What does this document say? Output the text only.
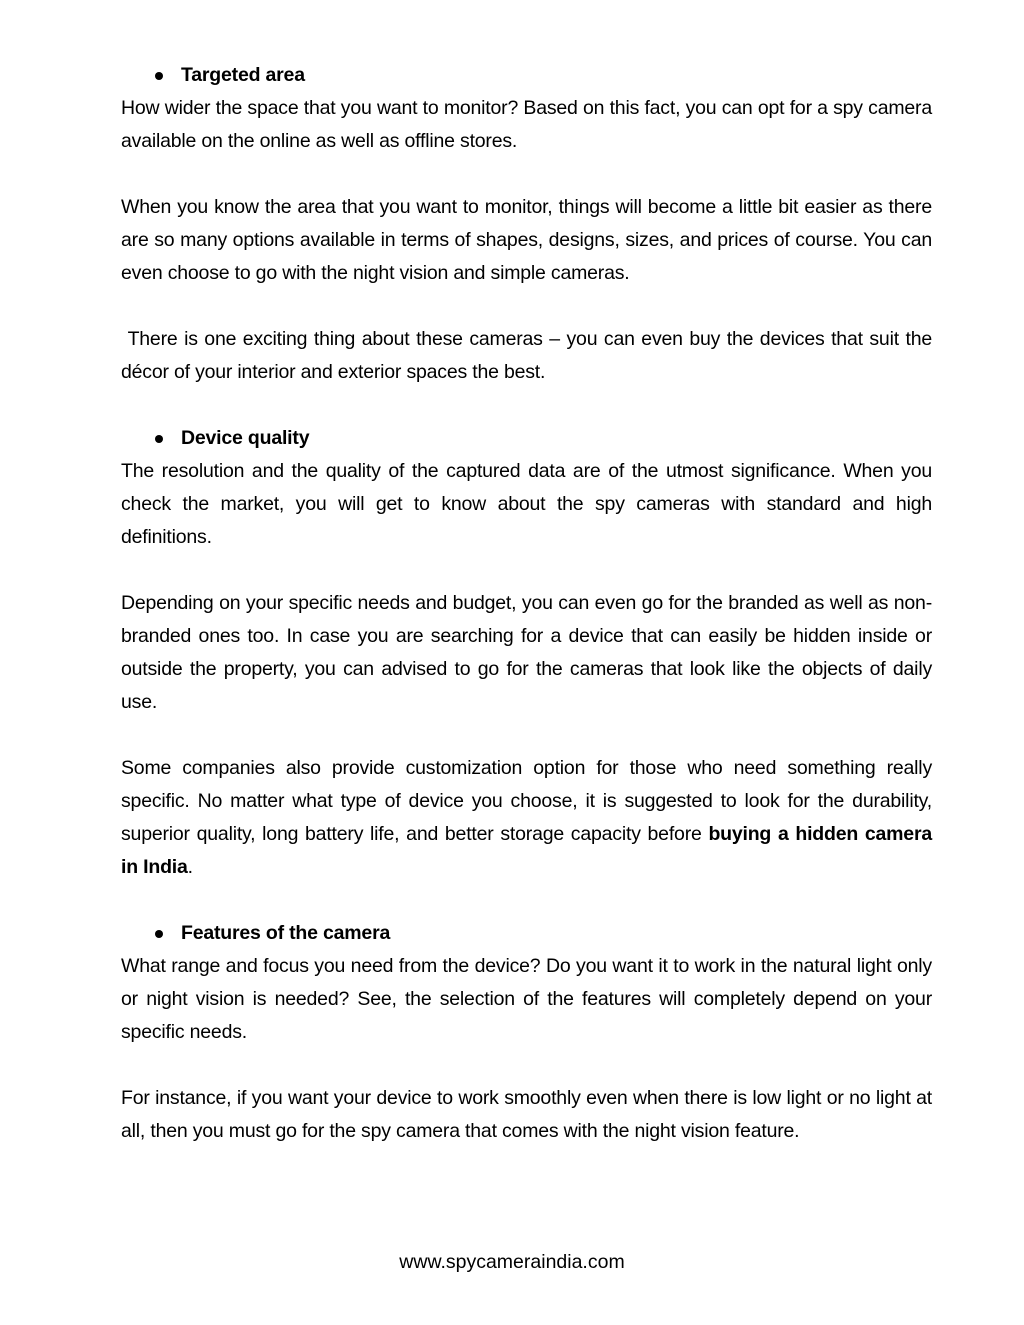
Targeted area

How wider the space that you want to monitor? Based on this fact, you can opt for a spy camera available on the online as well as offline stores.

When you know the area that you want to monitor, things will become a little bit easier as there are so many options available in terms of shapes, designs, sizes, and prices of course. You can even choose to go with the night vision and simple cameras.

There is one exciting thing about these cameras – you can even buy the devices that suit the décor of your interior and exterior spaces the best.

Device quality

The resolution and the quality of the captured data are of the utmost significance. When you check the market, you will get to know about the spy cameras with standard and high definitions.

Depending on your specific needs and budget, you can even go for the branded as well as non-branded ones too. In case you are searching for a device that can easily be hidden inside or outside the property, you can advised to go for the cameras that look like the objects of daily use.

Some companies also provide customization option for those who need something really specific. No matter what type of device you choose, it is suggested to look for the durability, superior quality, long battery life, and better storage capacity before buying a hidden camera in India.

Features of the camera

What range and focus you need from the device? Do you want it to work in the natural light only or night vision is needed? See, the selection of the features will completely depend on your specific needs.

For instance, if you want your device to work smoothly even when there is low light or no light at all, then you must go for the spy camera that comes with the night vision feature.

www.spycameraindia.com
